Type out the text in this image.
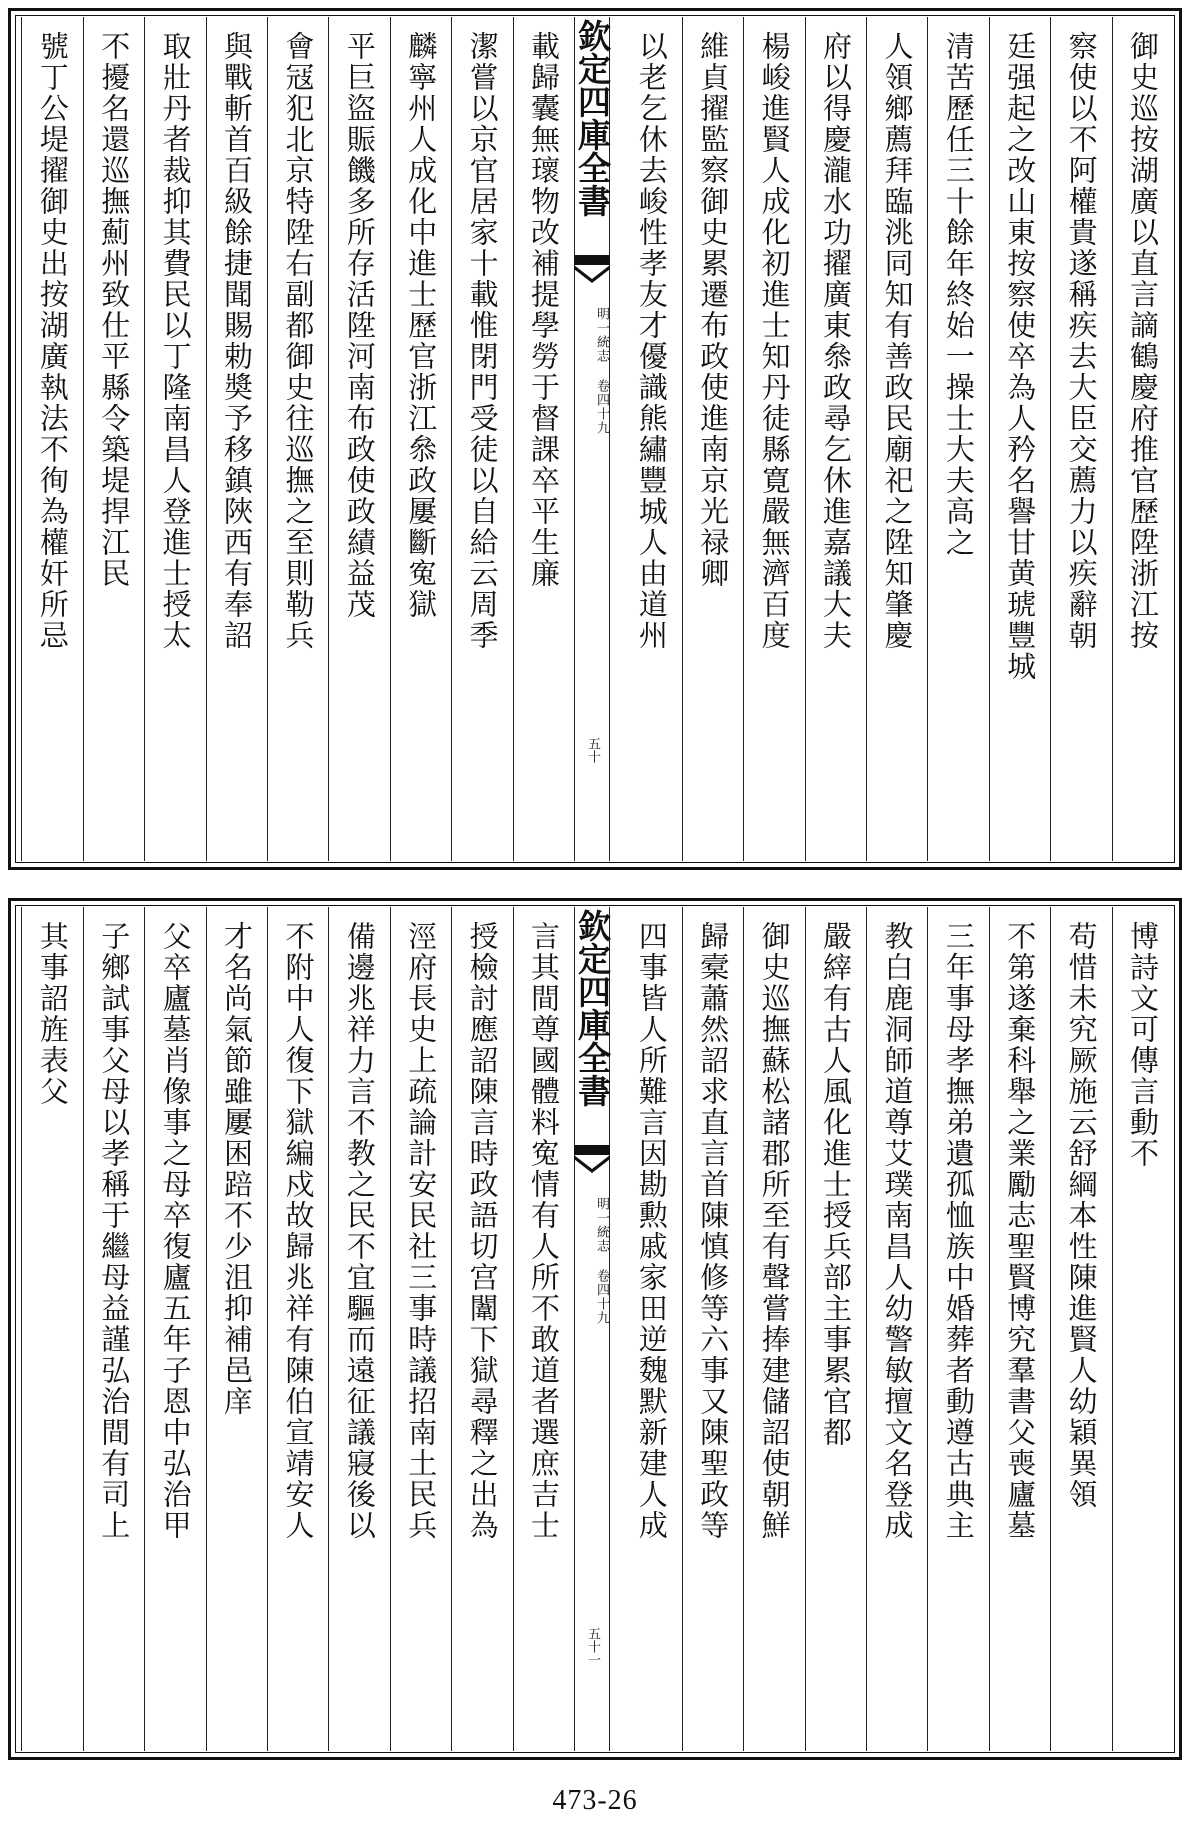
御史巡按湖廣以直言謫鶴慶府推官歷陞浙江按
察使以不阿權貴遂稱疾去大臣交薦力以疾辭朝
廷强起之改山東按察使卒為人矜名譽甘黄琥豐城
清苦歷任三十餘年終始一操士大夫高之
人領鄉薦拜臨洮同知有善政民廟祀之陞知肇慶
府以得慶瀧水功擢廣東叅政尋乞休進嘉議大夫
楊峻進賢人成化初進士知丹徒縣寛嚴無濟百度
維貞擢監察御史累遷布政使進南京光禄卿
以老乞休去峻性孝友才優識熊繡豐城人由道州
欽定四庫全書
明一統志 卷四十九
五十
載歸囊無瓌物改補提學勞于督課卒平生廉
潔嘗以京官居家十載惟閉門受徒以自給云周季
麟寧州人成化中進士歷官浙江叅政屢斷寃獄
平巨盜賑饑多所存活陞河南布政使政績益茂
會冦犯北京特陞右副都御史往巡撫之至則勒兵
與戰斬首百級餘捷聞賜勅奬予移鎮陜西有奉詔
取壯丹者裁抑其費民以丁隆南昌人登進士授太
不擾名還巡撫薊州致仕平縣令築堤捍江民
號丁公堤擢御史出按湖廣執法不徇為權奸所忌
博詩文可傳言動不
苟惜未究厥施云舒綱本性陳進賢人幼穎異領
不第遂棄科舉之業勵志聖賢博究羣書父喪廬墓
三年事母孝撫弟遺孤恤族中婚葬者動遵古典主
教白鹿洞師道尊艾璞南昌人幼警敏擅文名登成
嚴縡有古人風化進士授兵部主事累官都
御史巡撫蘇松諸郡所至有聲嘗捧建儲詔使朝鮮
歸槖蕭然詔求直言首陳慎修等六事又陳聖政等
四事皆人所難言因勘勲戚家田逆魏默新建人成
欽定四庫全書
明一統志 卷四十九
五十一
言其間尊國體料寃情有人所不敢道者選庶吉士
授檢討應詔陳言時政語切宫闈下獄尋釋之出為
涇府長史上疏論計安民社三事時議招南土民兵
備邊兆祥力言不教之民不宜驅而遠征議寢後以
不附中人復下獄編戍故歸兆祥有陳伯宣靖安人
才名尚氣節雖屢困踣不少沮抑補邑庠
父卒廬墓肖像事之母卒復廬五年子恩中弘治甲
子鄉試事父母以孝稱于繼母益謹弘治間有司上
其事詔旌表父
473-26
